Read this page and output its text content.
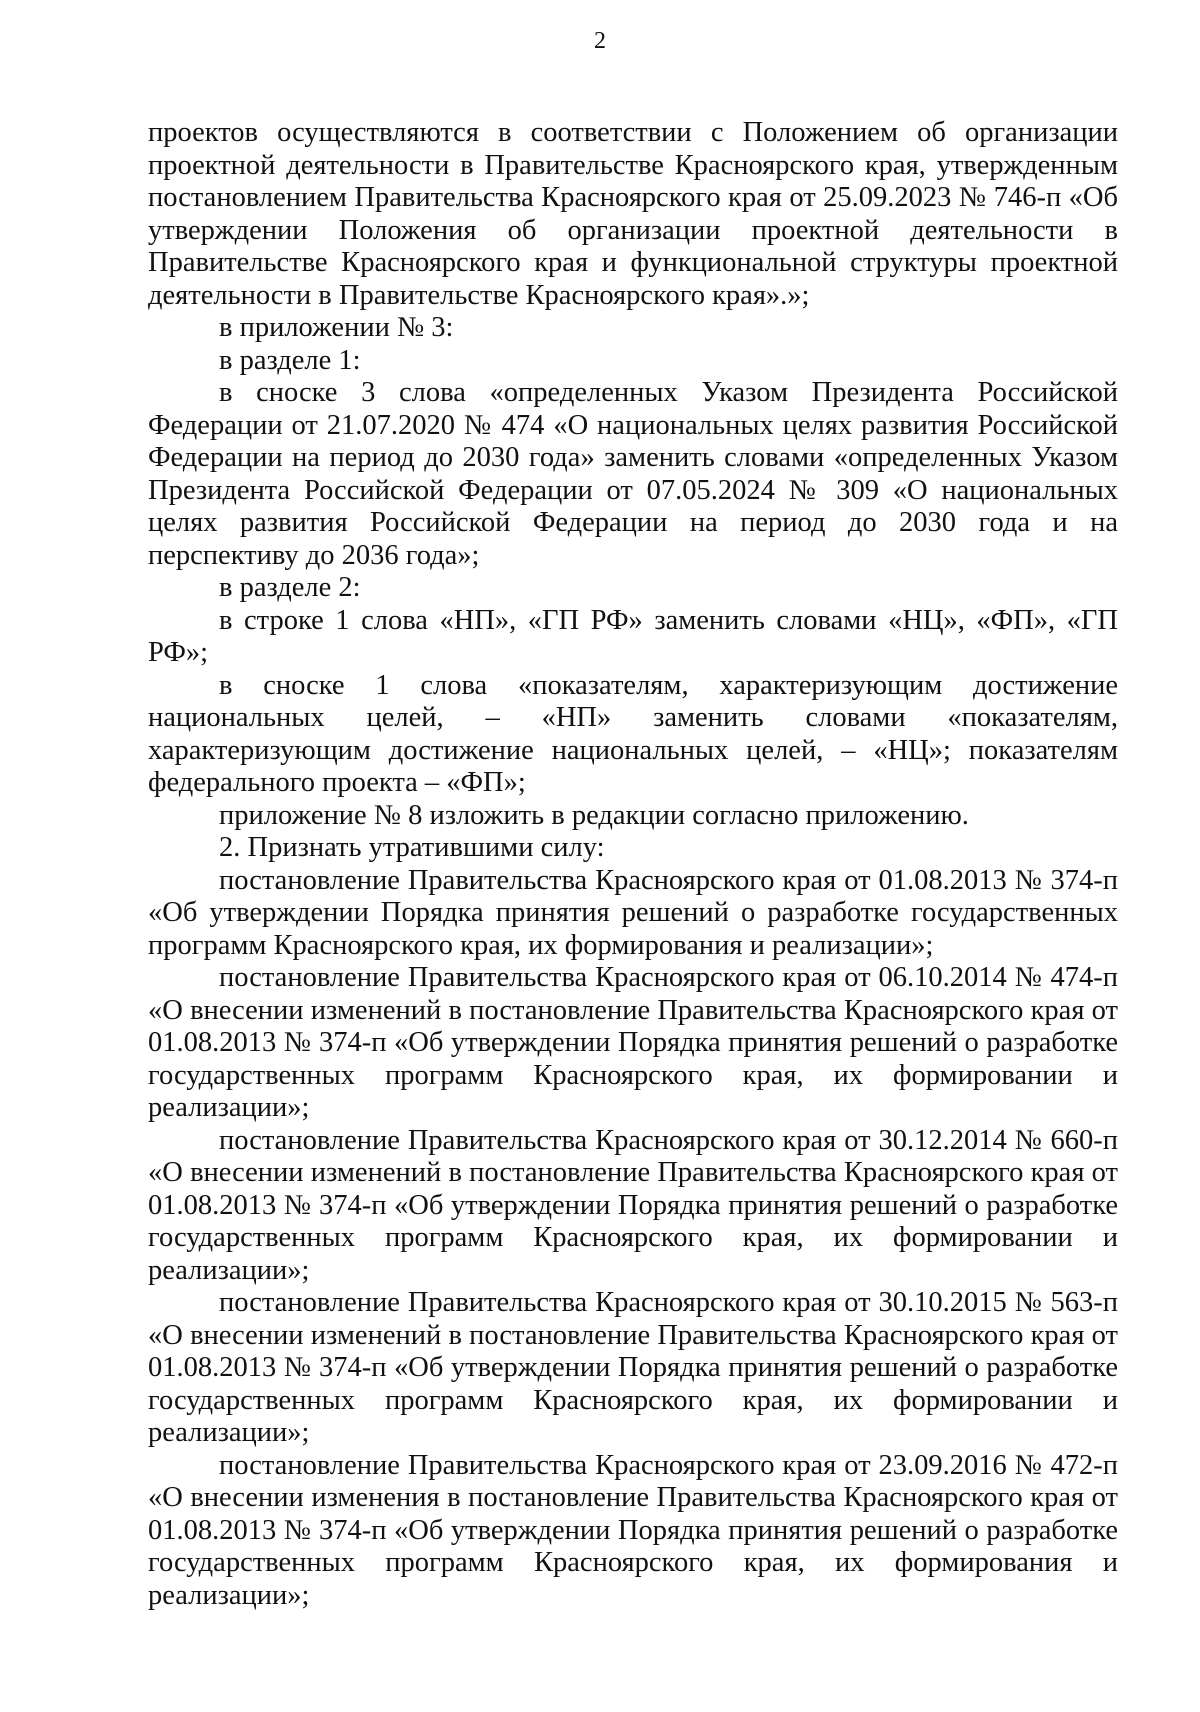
2

проектов осуществляются в соответствии с Положением об организации проектной деятельности в Правительстве Красноярского края, утвержденным постановлением Правительства Красноярского края от 25.09.2023 № 746-п «Об утверждении Положения об организации проектной деятельности в Правительстве Красноярского края и функциональной структуры проектной деятельности в Правительстве Красноярского края».»;

в приложении № 3:

в разделе 1:

в сноске 3 слова «определенных Указом Президента Российской Федерации от 21.07.2020 № 474 «О национальных целях развития Российской Федерации на период до 2030 года» заменить словами «определенных Указом Президента Российской Федерации от 07.05.2024 № 309 «О национальных целях развития Российской Федерации на период до 2030 года и на перспективу до 2036 года»;

в разделе 2:

в строке 1 слова «НП», «ГП РФ» заменить словами «НЦ», «ФП», «ГП РФ»;

в сноске 1 слова «показателям, характеризующим достижение национальных целей, – «НП» заменить словами «показателям, характеризующим достижение национальных целей, – «НЦ»; показателям федерального проекта – «ФП»;

приложение № 8 изложить в редакции согласно приложению.

2. Признать утратившими силу:

постановление Правительства Красноярского края от 01.08.2013 № 374-п «Об утверждении Порядка принятия решений о разработке государственных программ Красноярского края, их формирования и реализации»;

постановление Правительства Красноярского края от 06.10.2014 № 474-п «О внесении изменений в постановление Правительства Красноярского края от 01.08.2013 № 374-п «Об утверждении Порядка принятия решений о разработке государственных программ Красноярского края, их формировании и реализации»;

постановление Правительства Красноярского края от 30.12.2014 № 660-п «О внесении изменений в постановление Правительства Красноярского края от 01.08.2013 № 374-п «Об утверждении Порядка принятия решений о разработке государственных программ Красноярского края, их формировании и реализации»;

постановление Правительства Красноярского края от 30.10.2015 № 563-п «О внесении изменений в постановление Правительства Красноярского края от 01.08.2013 № 374-п «Об утверждении Порядка принятия решений о разработке государственных программ Красноярского края, их формировании и реализации»;

постановление Правительства Красноярского края от 23.09.2016 № 472-п «О внесении изменения в постановление Правительства Красноярского края от 01.08.2013 № 374-п «Об утверждении Порядка принятия решений о разработке государственных программ Красноярского края, их формирования и реализации»;
